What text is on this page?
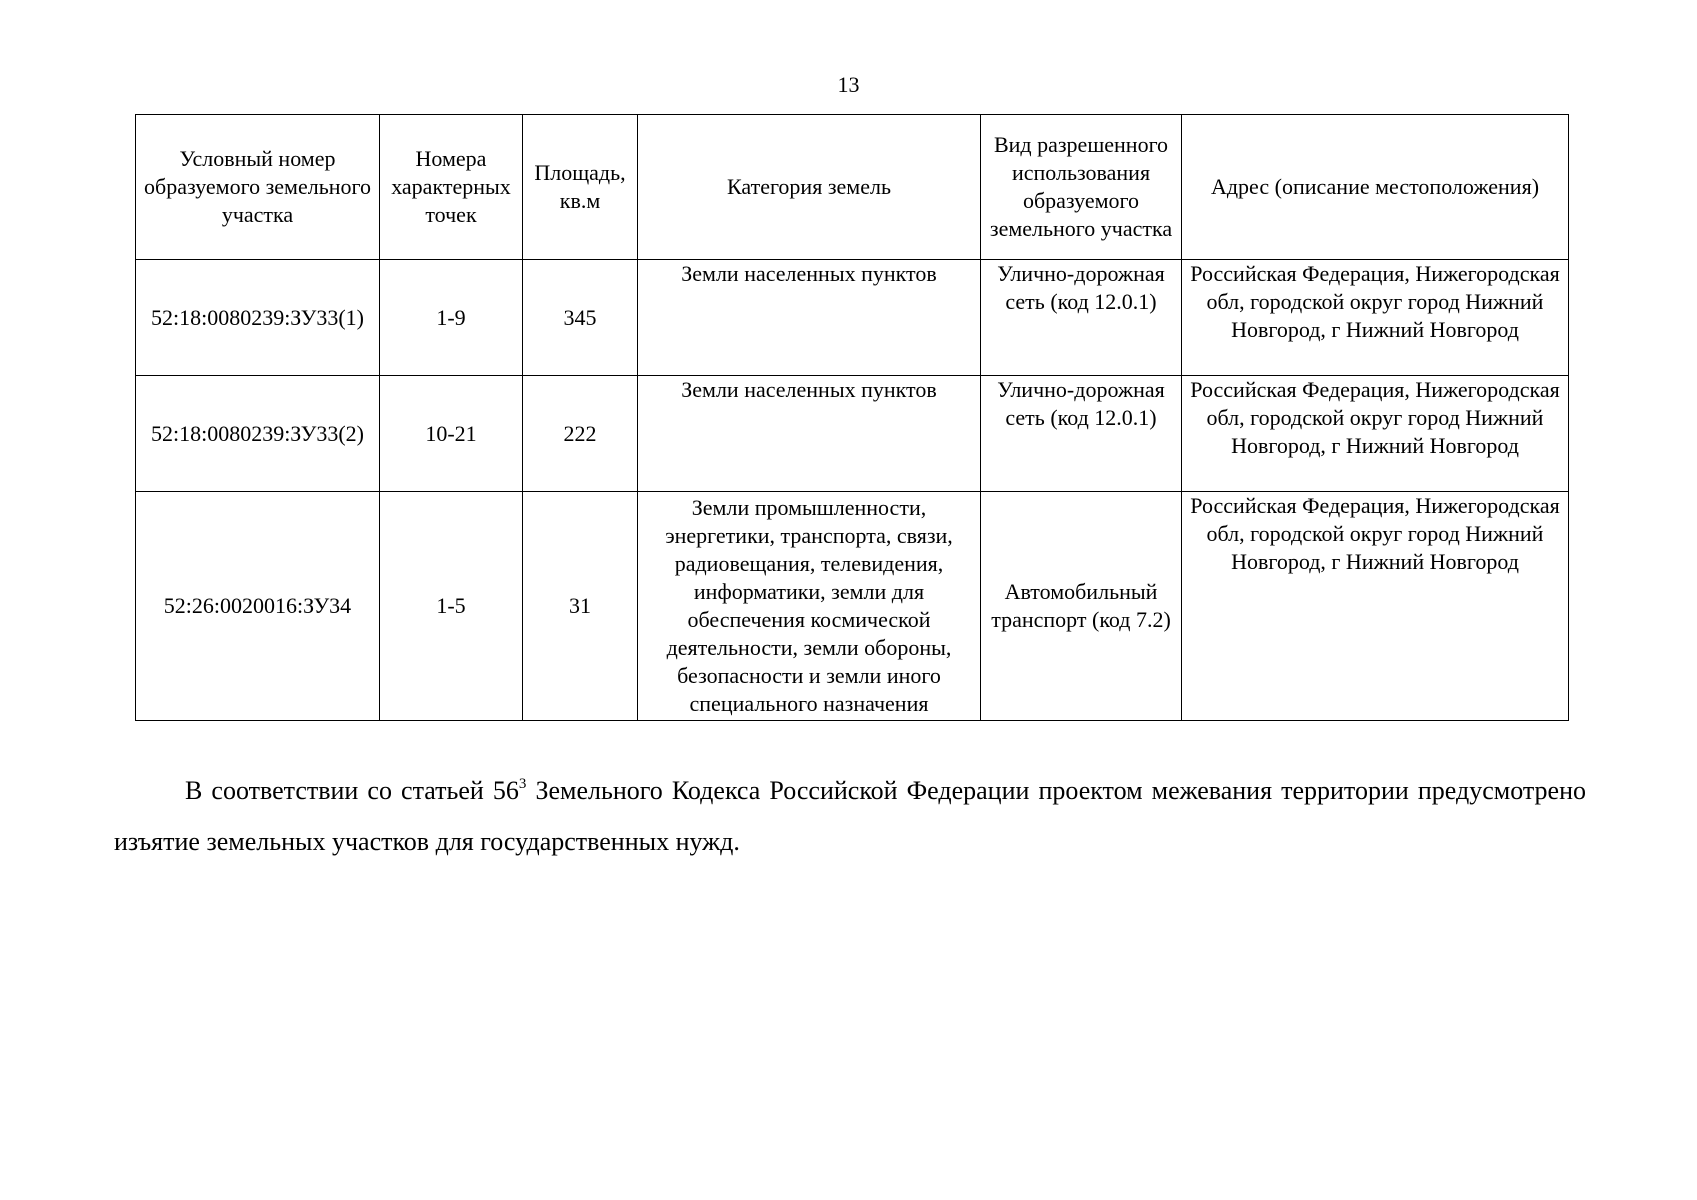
13
Условный номер образуемого земельного участка	Номера характерных точек	Площадь, кв.м	Категория земель	Вид разрешенного использования образуемого земельного участка	Адрес (описание местоположения)
52:18:0080239:ЗУ33(1)	1-9	345	Земли населенных пунктов	Улично-дорожная сеть (код 12.0.1)	Российская Федерация, Нижегородская обл, городской округ город Нижний Новгород, г Нижний Новгород
52:18:0080239:ЗУ33(2)	10-21	222	Земли населенных пунктов	Улично-дорожная сеть (код 12.0.1)	Российская Федерация, Нижегородская обл, городской округ город Нижний Новгород, г Нижний Новгород
52:26:0020016:ЗУ34	1-5	31	Земли промышленности, энергетики, транспорта, связи, радиовещания, телевидения, информатики, земли для обеспечения космической деятельности, земли обороны, безопасности и земли иного специального назначения	Автомобильный транспорт (код 7.2)	Российская Федерация, Нижегородская обл, городской округ город Нижний Новгород, г Нижний Новгород

В соответствии со статьей $56^3$ Земельного Кодекса Российской Федерации проектом межевания территории предусмотрено изъятие земельных участков для государственных нужд.
